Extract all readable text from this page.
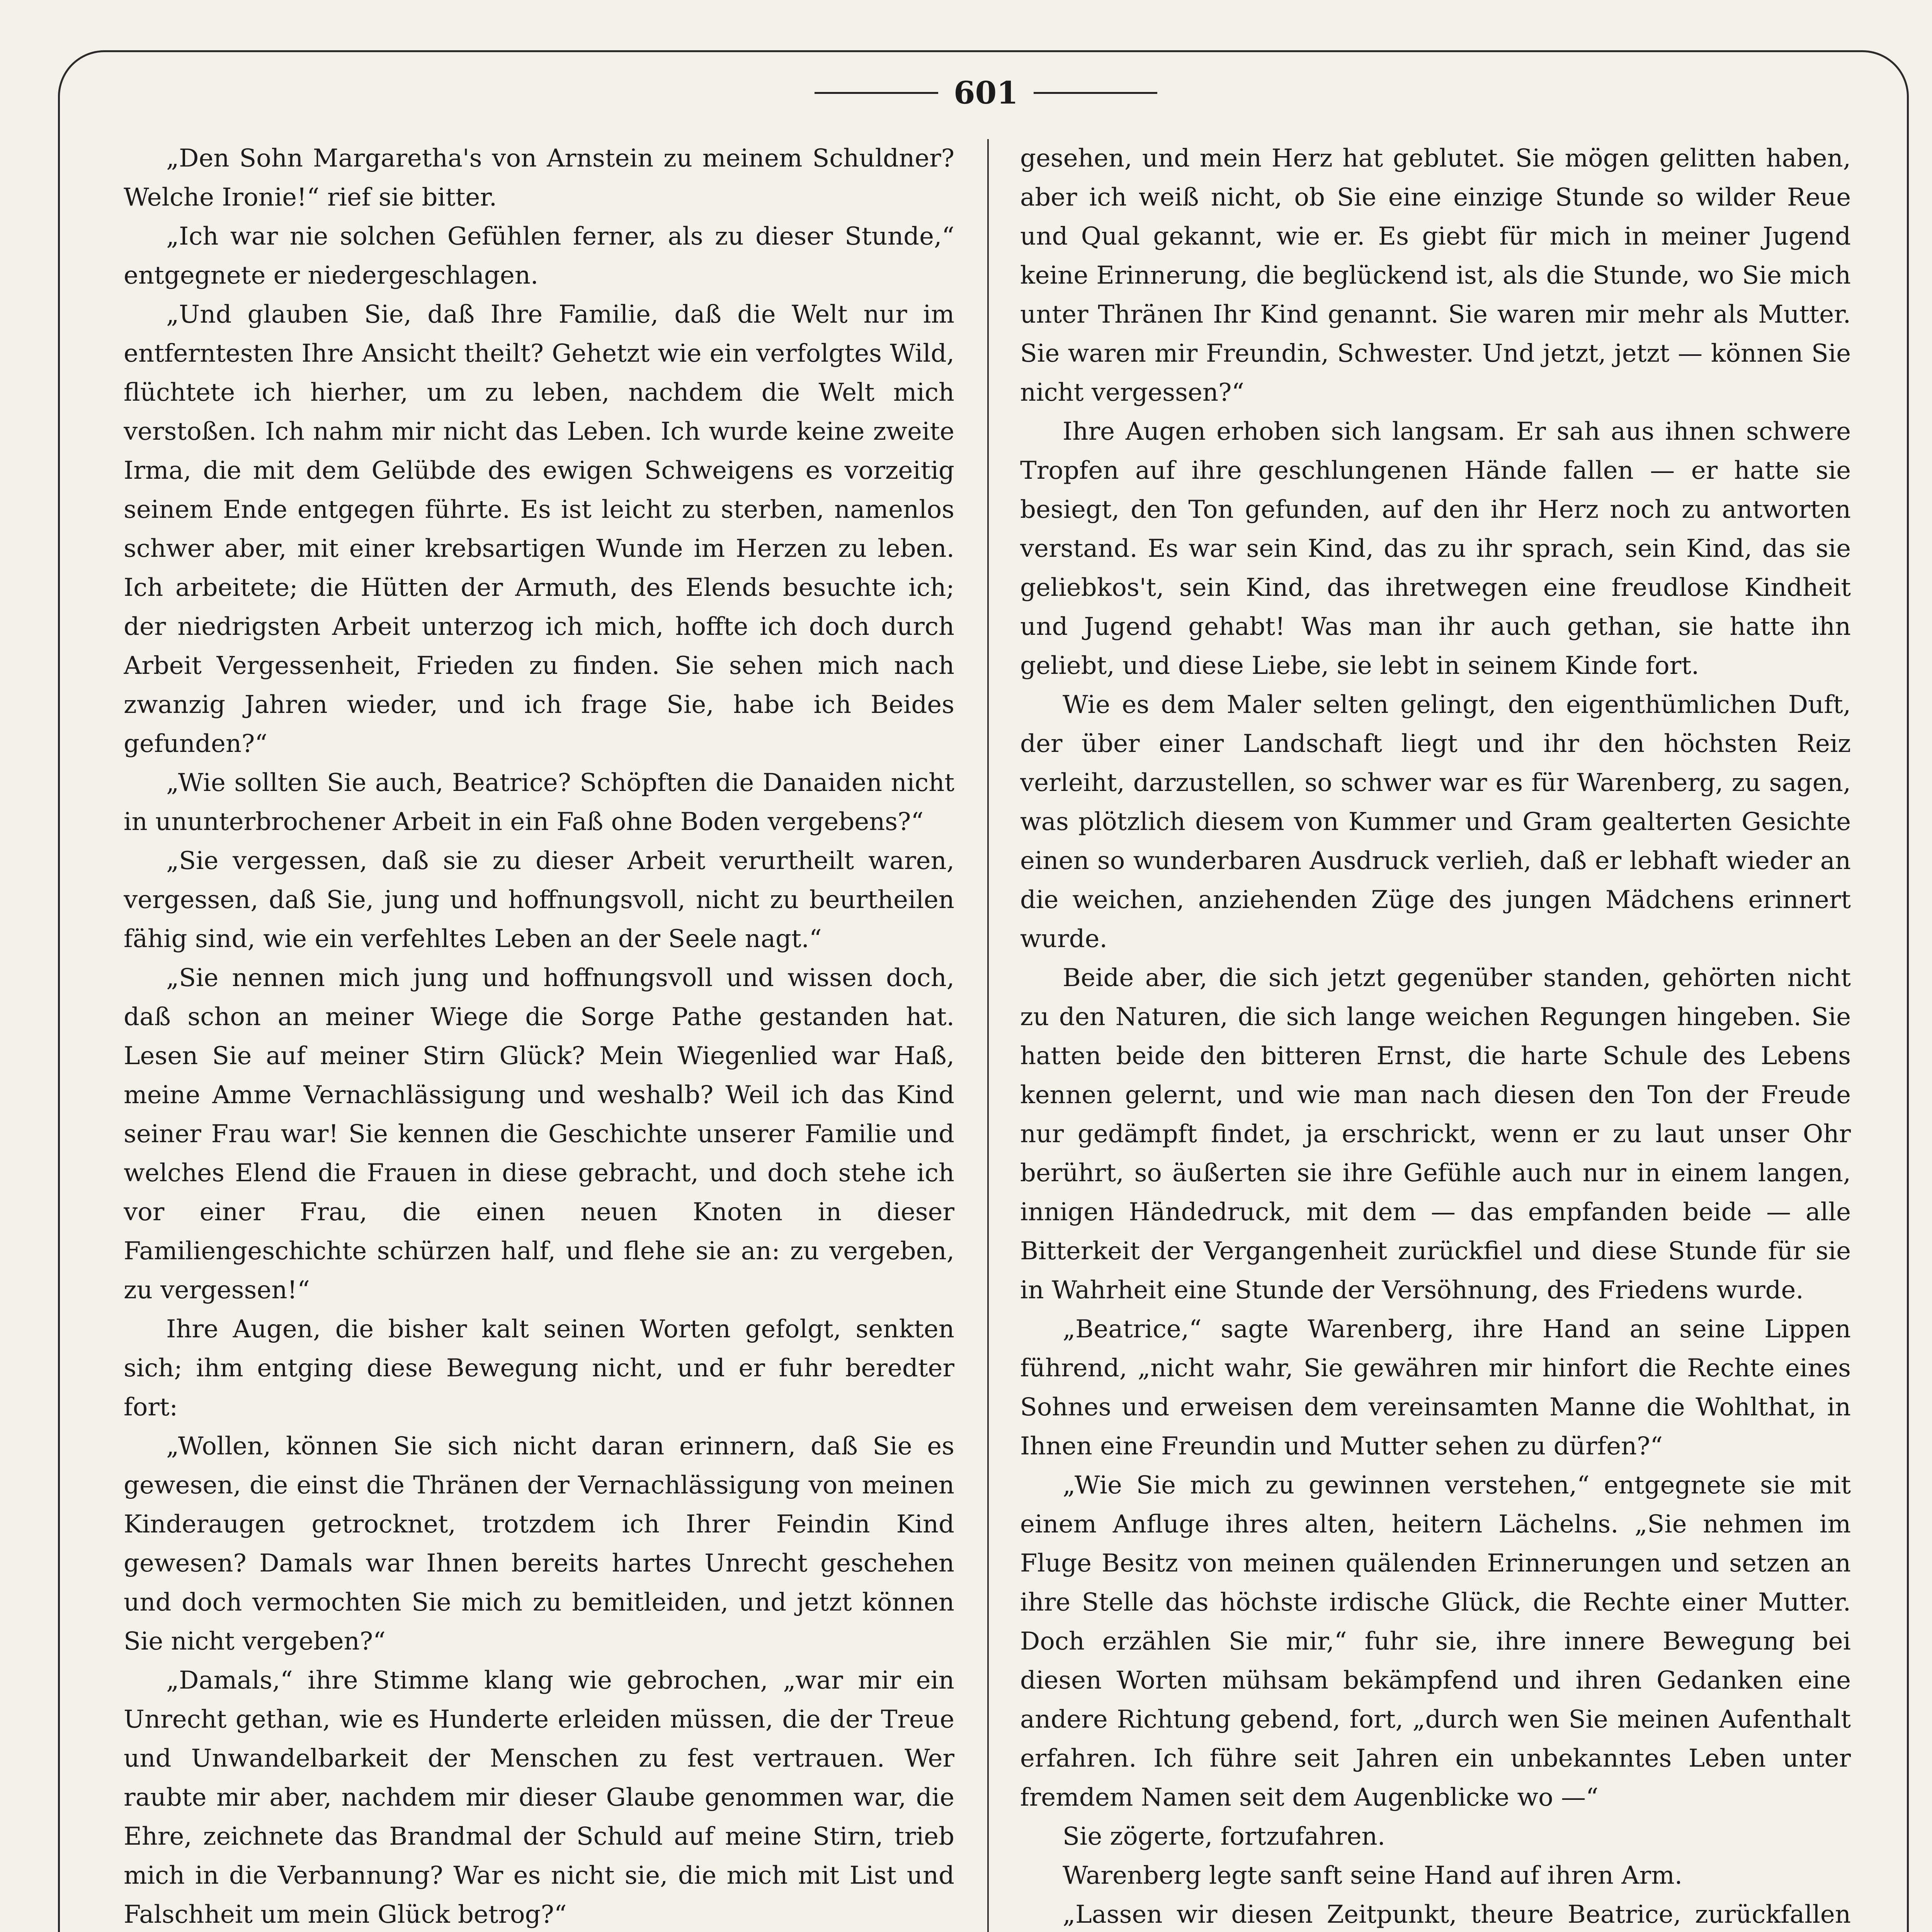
601

„Den Sohn Margaretha's von Arnstein zu meinem Schuldner? Welche Ironie!“ rief sie bitter.

„Ich war nie solchen Gefühlen ferner, als zu dieser Stunde,“ entgegnete er niedergeschlagen.

„Und glauben Sie, daß Ihre Familie, daß die Welt nur im entferntesten Ihre Ansicht theilt? Gehetzt wie ein verfolgtes Wild, flüchtete ich hierher, um zu leben, nachdem die Welt mich verstoßen. Ich nahm mir nicht das Leben. Ich wurde keine zweite Irma, die mit dem Gelübde des ewigen Schweigens es vorzeitig seinem Ende entgegen führte. Es ist leicht zu sterben, namenlos schwer aber, mit einer krebsartigen Wunde im Herzen zu leben. Ich arbeitete; die Hütten der Armuth, des Elends besuchte ich; der niedrigsten Arbeit unterzog ich mich, hoffte ich doch durch Arbeit Vergessenheit, Frieden zu finden. Sie sehen mich nach zwanzig Jahren wieder, und ich frage Sie, habe ich Beides gefunden?“

„Wie sollten Sie auch, Beatrice? Schöpften die Danaiden nicht in ununterbrochener Arbeit in ein Faß ohne Boden vergebens?“

„Sie vergessen, daß sie zu dieser Arbeit verurtheilt waren, vergessen, daß Sie, jung und hoffnungsvoll, nicht zu beurtheilen fähig sind, wie ein verfehltes Leben an der Seele nagt.“

„Sie nennen mich jung und hoffnungsvoll und wissen doch, daß schon an meiner Wiege die Sorge Pathe gestanden hat. Lesen Sie auf meiner Stirn Glück? Mein Wiegenlied war Haß, meine Amme Vernachlässigung und weshalb? Weil ich das Kind seiner Frau war! Sie kennen die Geschichte unserer Familie und welches Elend die Frauen in diese gebracht, und doch stehe ich vor einer Frau, die einen neuen Knoten in dieser Familiengeschichte schürzen half, und flehe sie an: zu vergeben, zu vergessen!“

Ihre Augen, die bisher kalt seinen Worten gefolgt, senkten sich; ihm entging diese Bewegung nicht, und er fuhr beredter fort:

„Wollen, können Sie sich nicht daran erinnern, daß Sie es gewesen, die einst die Thränen der Vernachlässigung von meinen Kinderaugen getrocknet, trotzdem ich Ihrer Feindin Kind gewesen? Damals war Ihnen bereits hartes Unrecht geschehen und doch vermochten Sie mich zu bemitleiden, und jetzt können Sie nicht vergeben?“

„Damals,“ ihre Stimme klang wie gebrochen, „war mir ein Unrecht gethan, wie es Hunderte erleiden müssen, die der Treue und Unwandelbarkeit der Menschen zu fest vertrauen. Wer raubte mir aber, nachdem mir dieser Glaube genommen war, die Ehre, zeichnete das Brandmal der Schuld auf meine Stirn, trieb mich in die Verbannung? War es nicht sie, die mich mit List und Falschheit um mein Glück betrog?“

gesehen, und mein Herz hat geblutet. Sie mögen gelitten haben, aber ich weiß nicht, ob Sie eine einzige Stunde so wilder Reue und Qual gekannt, wie er. Es giebt für mich in meiner Jugend keine Erinnerung, die beglückend ist, als die Stunde, wo Sie mich unter Thränen Ihr Kind genannt. Sie waren mir mehr als Mutter. Sie waren mir Freundin, Schwester. Und jetzt, jetzt — können Sie nicht vergessen?“

Ihre Augen erhoben sich langsam. Er sah aus ihnen schwere Tropfen auf ihre geschlungenen Hände fallen — er hatte sie besiegt, den Ton gefunden, auf den ihr Herz noch zu antworten verstand. Es war sein Kind, das zu ihr sprach, sein Kind, das sie geliebkos't, sein Kind, das ihretwegen eine freudlose Kindheit und Jugend gehabt! Was man ihr auch gethan, sie hatte ihn geliebt, und diese Liebe, sie lebt in seinem Kinde fort.

Wie es dem Maler selten gelingt, den eigenthümlichen Duft, der über einer Landschaft liegt und ihr den höchsten Reiz verleiht, darzustellen, so schwer war es für Warenberg, zu sagen, was plötzlich diesem von Kummer und Gram gealterten Gesichte einen so wunderbaren Ausdruck verlieh, daß er lebhaft wieder an die weichen, anziehenden Züge des jungen Mädchens erinnert wurde.

Beide aber, die sich jetzt gegenüber standen, gehörten nicht zu den Naturen, die sich lange weichen Regungen hingeben. Sie hatten beide den bitteren Ernst, die harte Schule des Lebens kennen gelernt, und wie man nach diesen den Ton der Freude nur gedämpft findet, ja erschrickt, wenn er zu laut unser Ohr berührt, so äußerten sie ihre Gefühle auch nur in einem langen, innigen Händedruck, mit dem — das empfanden beide — alle Bitterkeit der Vergangenheit zurückfiel und diese Stunde für sie in Wahrheit eine Stunde der Versöhnung, des Friedens wurde.

„Beatrice,“ sagte Warenberg, ihre Hand an seine Lippen führend, „nicht wahr, Sie gewähren mir hinfort die Rechte eines Sohnes und erweisen dem vereinsamten Manne die Wohlthat, in Ihnen eine Freundin und Mutter sehen zu dürfen?“

„Wie Sie mich zu gewinnen verstehen,“ entgegnete sie mit einem Anfluge ihres alten, heitern Lächelns. „Sie nehmen im Fluge Besitz von meinen quälenden Erinnerungen und setzen an ihre Stelle das höchste irdische Glück, die Rechte einer Mutter. Doch erzählen Sie mir,“ fuhr sie, ihre innere Bewegung bei diesen Worten mühsam bekämpfend und ihren Gedanken eine andere Richtung gebend, fort, „durch wen Sie meinen Aufenthalt erfahren. Ich führe seit Jahren ein unbekanntes Leben unter fremdem Namen seit dem Augenblicke wo —“

Sie zögerte, fortzufahren.

Warenberg legte sanft seine Hand auf ihren Arm.

„Lassen wir diesen Zeitpunkt, theure Beatrice, zurückfallen
